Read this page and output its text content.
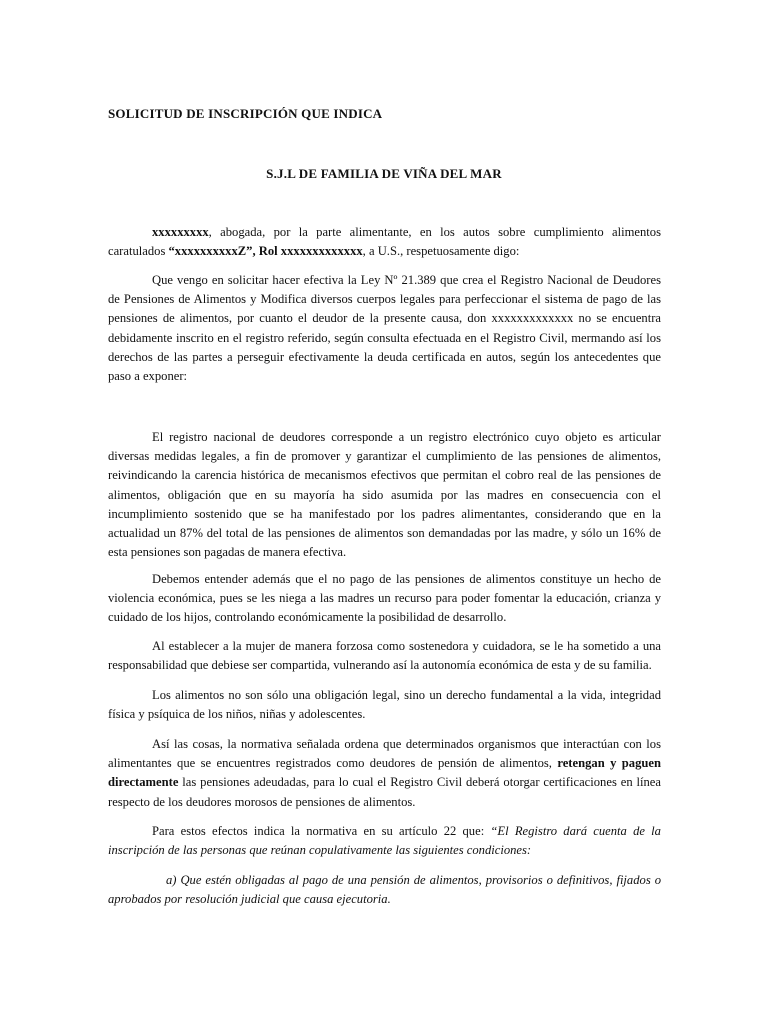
SOLICITUD DE INSCRIPCIÓN QUE INDICA
S.J.L DE FAMILIA DE VIÑA DEL MAR

xxxxxxxxx, abogada, por la parte alimentante, en los autos sobre cumplimiento alimentos caratulados “xxxxxxxxxxZ”, Rol xxxxxxxxxxxxx, a U.S., respetuosamente digo:

Que vengo en solicitar hacer efectiva la Ley Nº 21.389 que crea el Registro Nacional de Deudores de Pensiones de Alimentos y Modifica diversos cuerpos legales para perfeccionar el sistema de pago de las pensiones de alimentos, por cuanto el deudor de la presente causa, don xxxxxxxxxxxxx no se encuentra debidamente inscrito en el registro referido, según consulta efectuada en el Registro Civil, mermando así los derechos de las partes a perseguir efectivamente la deuda certificada en autos, según los antecedentes que paso a exponer:

El registro nacional de deudores corresponde a un registro electrónico cuyo objeto es articular diversas medidas legales, a fin de promover y garantizar el cumplimiento de las pensiones de alimentos, reivindicando la carencia histórica de mecanismos efectivos que permitan el cobro real de las pensiones de alimentos, obligación que en su mayoría ha sido asumida por las madres en consecuencia con el incumplimiento sostenido que se ha manifestado por los padres alimentantes, considerando que en la actualidad un 87% del total de las pensiones de alimentos son demandadas por las madre, y sólo un 16% de esta pensiones son pagadas de manera efectiva.

Debemos entender además que el no pago de las pensiones de alimentos constituye un hecho de violencia económica, pues se les niega a las madres un recurso para poder fomentar la educación, crianza y cuidado de los hijos, controlando económicamente la posibilidad de desarrollo.

Al establecer a la mujer de manera forzosa como sostenedora y cuidadora, se le ha sometido a una responsabilidad que debiese ser compartida, vulnerando así la autonomía económica de esta y de su familia.

Los alimentos no son sólo una obligación legal, sino un derecho fundamental a la vida, integridad física y psíquica de los niños, niñas y adolescentes.

Así las cosas, la normativa señalada ordena que determinados organismos que interactúan con los alimentantes que se encuentres registrados como deudores de pensión de alimentos, retengan y paguen directamente las pensiones adeudadas, para lo cual el Registro Civil deberá otorgar certificaciones en línea respecto de los deudores morosos de pensiones de alimentos.

Para estos efectos indica la normativa en su artículo 22 que: “El Registro dará cuenta de la inscripción de las personas que reúnan copulativamente las siguientes condiciones:

a) Que estén obligadas al pago de una pensión de alimentos, provisorios o definitivos, fijados o aprobados por resolución judicial que causa ejecutoria.
